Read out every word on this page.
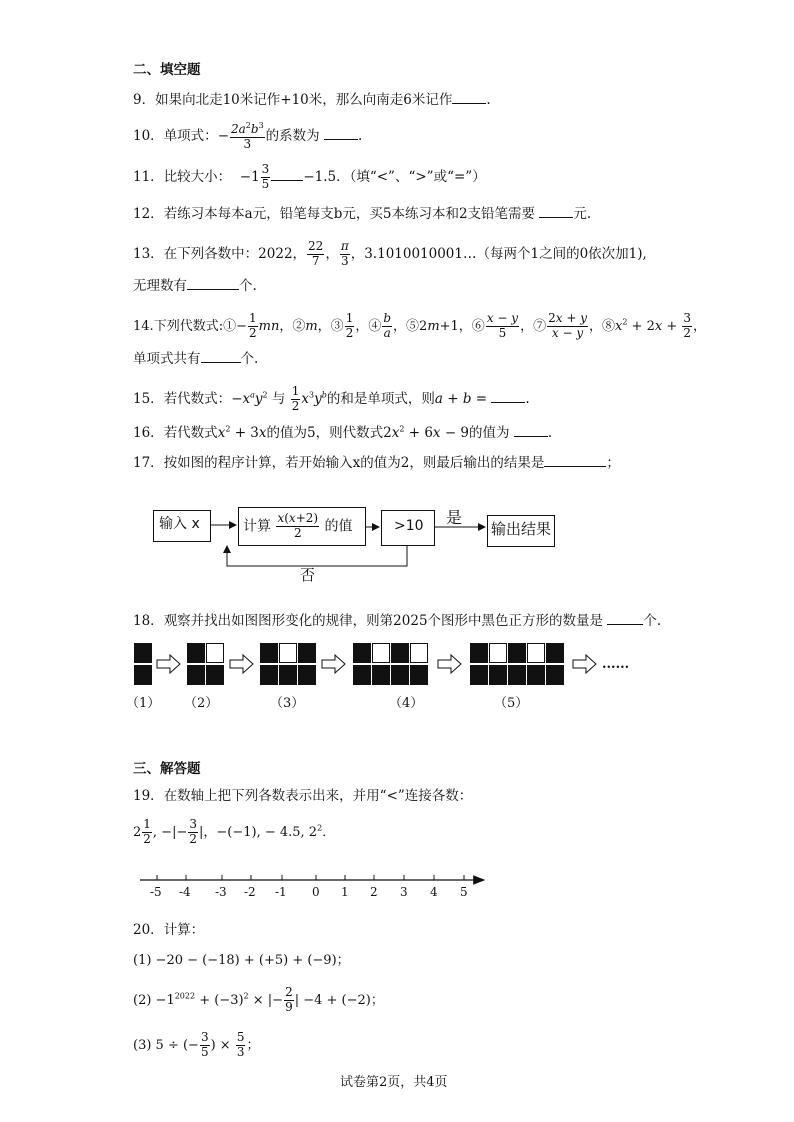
二、填空题
9．如果向北走10米记作+10米，那么向南走6米记作	.
10．单项式：− $\frac{2a^2b^3}{3}$ 的系数为	.
11．比较大小：  $-1 \frac{3}{5} -1.5$．（填“<”、“>”或“=”）
12．若练习本每本a元，铅笔每支b元，买5本练习本和2支铅笔需要	元.
13．在下列各数中：2022， $\frac{22}{7}$ ， $\frac{\pi}{3}$ ，3.1010010001…（每两个1之间的0依次加1),
无理数有	个.
14.下列代数式:①− $\frac{1}{2}$ mn，②m，③ $\frac{1}{2}$ ，④ $\frac{b}{a}$ ，⑤2m+1，⑥ $\frac{x - y}{5}$ ，⑦ $\frac{2x + y}{x - y}$ ，$⑧x^2 + 2x + \frac{3}{2}$ ，
单项式共有	个.
15．若代数式：$-x^ay^2$ 与 $\frac{1}{2} x^3y^b$的和是单项式，则a + b =	.
16．若代数式$x^2 + 3x$的值为5，则代数式$2x^2 + 6x - 9$的值为	.
17．按如图的程序计算，若开始输入x的值为2，则最后输出的结果是	；
输入 x	计算 $\frac{x(x+2)}{2}$ 的值	>10 是
输出结果
否
18．观察并找出如图图形变化的规律，则第2025个图形中黑色正方形的数量是	个.
......
（1） （2）	（3）	（4）	（5）
三、解答题
19．在数轴上把下列各数表示出来，并用“<”连接各数：
$2 \frac{1}{2}$ , −|− $\frac{3}{2}$ |，−(−1), − 4.5, $2^2$．
-5 -4 -3 -2 -1 0 1 2 3 4 5
20．计算：
(1) −20 − (−18) + (+5) + (−9)；
$(2) -1^{2022} + (-3)^2$ × |− $\frac{2}{9}$ | −4 + (−2)；
(3) 5 ÷ (− $\frac{3}{5}$ ) × $\frac{5}{3}$ ；
试卷第2页，共4页
